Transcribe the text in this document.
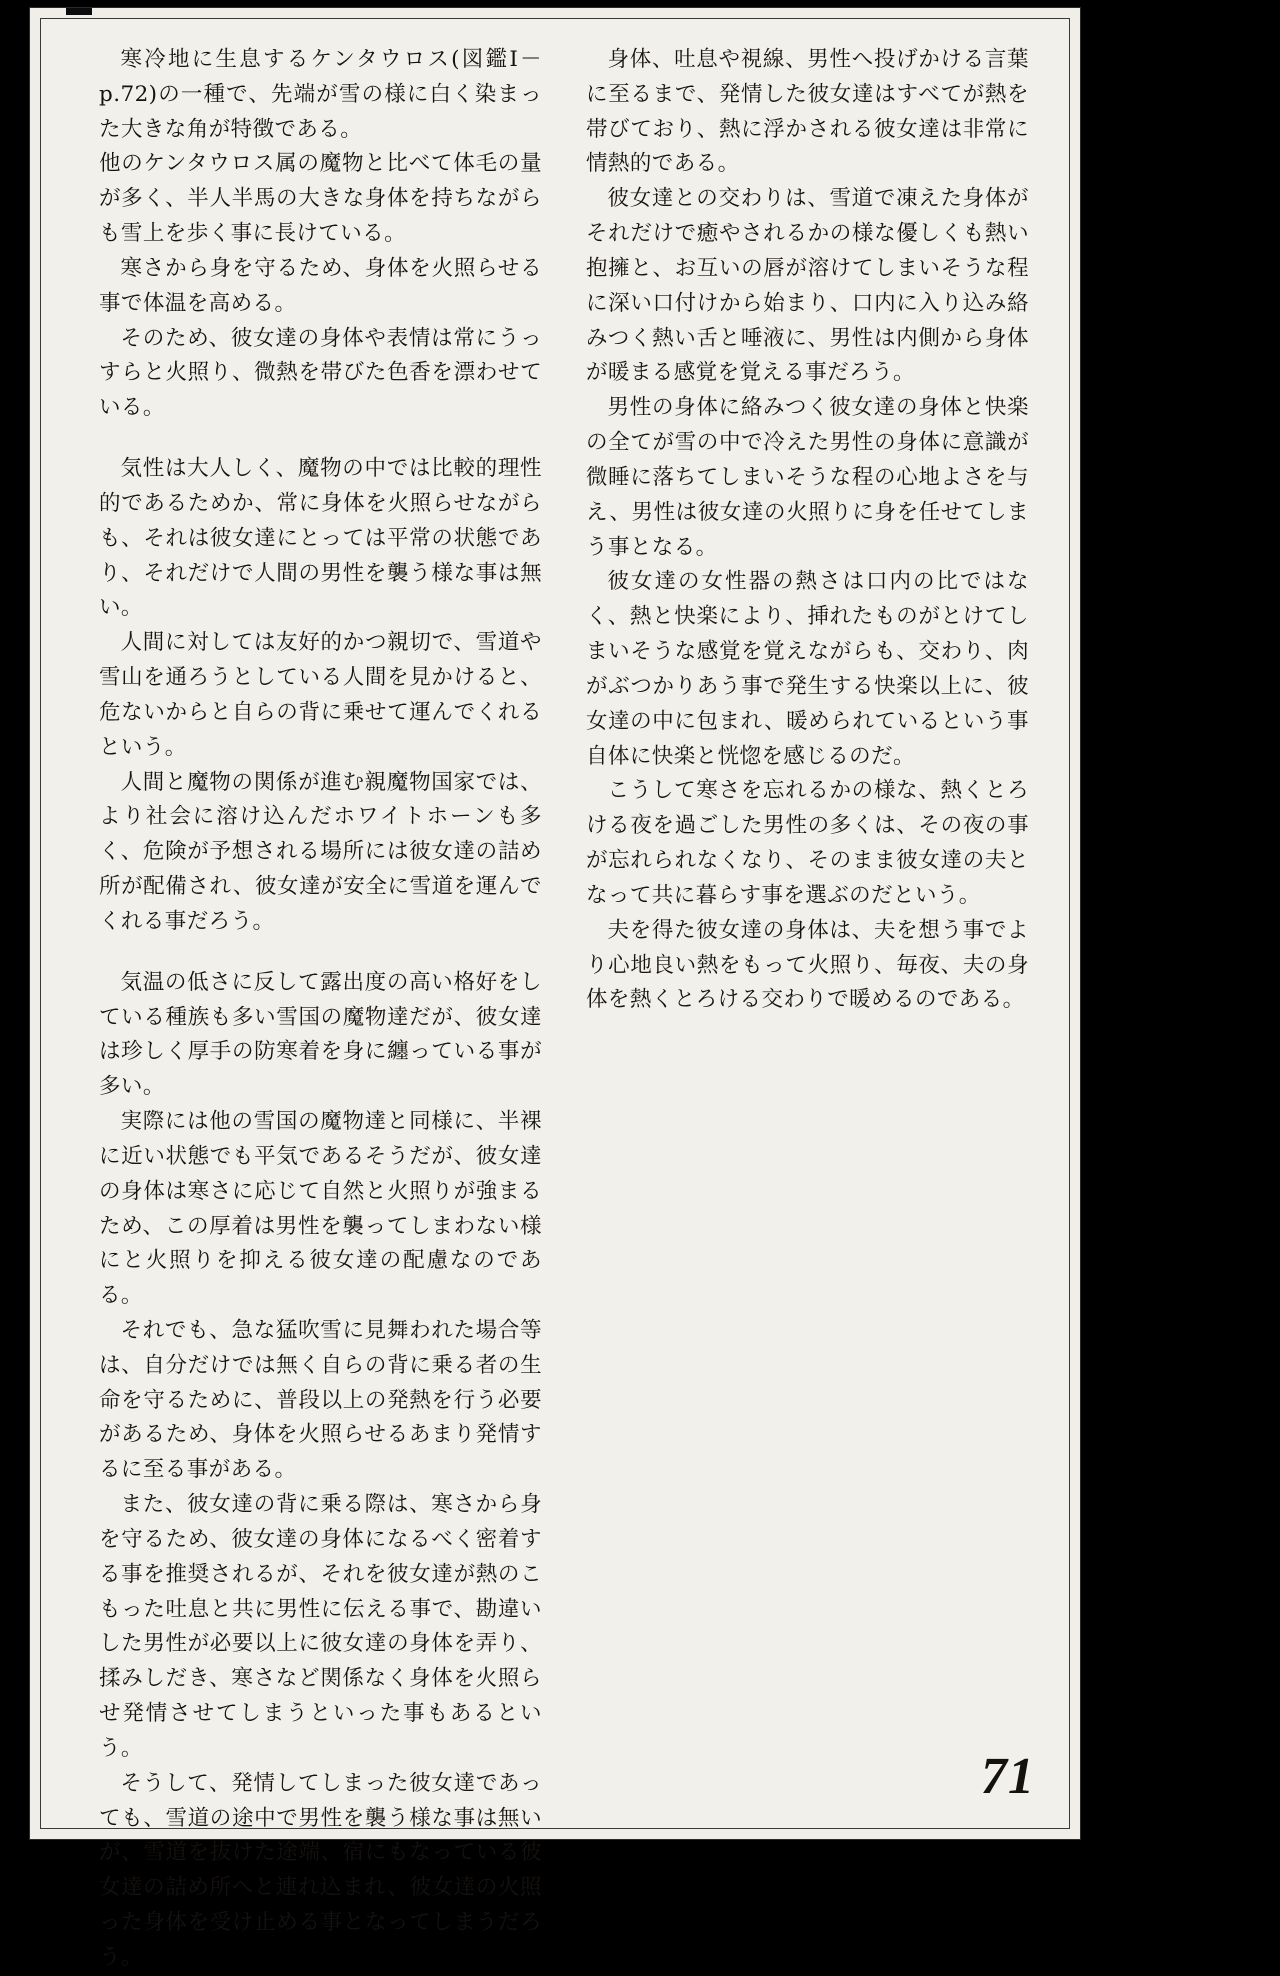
寒冷地に生息するケンタウロス(図鑑Ⅰ－p.72)の一種で、先端が雪の様に白く染まった大きな角が特徴である。

他のケンタウロス属の魔物と比べて体毛の量が多く、半人半馬の大きな身体を持ちながらも雪上を歩く事に長けている。

寒さから身を守るため、身体を火照らせる事で体温を高める。

そのため、彼女達の身体や表情は常にうっすらと火照り、微熱を帯びた色香を漂わせている。

気性は大人しく、魔物の中では比較的理性的であるためか、常に身体を火照らせながらも、それは彼女達にとっては平常の状態であり、それだけで人間の男性を襲う様な事は無い。

人間に対しては友好的かつ親切で、雪道や雪山を通ろうとしている人間を見かけると、危ないからと自らの背に乗せて運んでくれるという。

人間と魔物の関係が進む親魔物国家では、より社会に溶け込んだホワイトホーンも多く、危険が予想される場所には彼女達の詰め所が配備され、彼女達が安全に雪道を運んでくれる事だろう。

気温の低さに反して露出度の高い格好をしている種族も多い雪国の魔物達だが、彼女達は珍しく厚手の防寒着を身に纏っている事が多い。

実際には他の雪国の魔物達と同様に、半裸に近い状態でも平気であるそうだが、彼女達の身体は寒さに応じて自然と火照りが強まるため、この厚着は男性を襲ってしまわない様にと火照りを抑える彼女達の配慮なのである。

それでも、急な猛吹雪に見舞われた場合等は、自分だけでは無く自らの背に乗る者の生命を守るために、普段以上の発熱を行う必要があるため、身体を火照らせるあまり発情するに至る事がある。

また、彼女達の背に乗る際は、寒さから身を守るため、彼女達の身体になるべく密着する事を推奨されるが、それを彼女達が熱のこもった吐息と共に男性に伝える事で、勘違いした男性が必要以上に彼女達の身体を弄り、揉みしだき、寒さなど関係なく身体を火照らせ発情させてしまうといった事もあるという。

そうして、発情してしまった彼女達であっても、雪道の途中で男性を襲う様な事は無いが、雪道を抜けた途端、宿にもなっている彼女達の詰め所へと連れ込まれ、彼女達の火照った身体を受け止める事となってしまうだろう。

身体、吐息や視線、男性へ投げかける言葉に至るまで、発情した彼女達はすべてが熱を帯びており、熱に浮かされる彼女達は非常に情熱的である。

彼女達との交わりは、雪道で凍えた身体がそれだけで癒やされるかの様な優しくも熱い抱擁と、お互いの唇が溶けてしまいそうな程に深い口付けから始まり、口内に入り込み絡みつく熱い舌と唾液に、男性は内側から身体が暖まる感覚を覚える事だろう。

男性の身体に絡みつく彼女達の身体と快楽の全てが雪の中で冷えた男性の身体に意識が微睡に落ちてしまいそうな程の心地よさを与え、男性は彼女達の火照りに身を任せてしまう事となる。

彼女達の女性器の熱さは口内の比ではなく、熱と快楽により、挿れたものがとけてしまいそうな感覚を覚えながらも、交わり、肉がぶつかりあう事で発生する快楽以上に、彼女達の中に包まれ、暖められているという事自体に快楽と恍惚を感じるのだ。

こうして寒さを忘れるかの様な、熱くとろける夜を過ごした男性の多くは、その夜の事が忘れられなくなり、そのまま彼女達の夫となって共に暮らす事を選ぶのだという。

夫を得た彼女達の身体は、夫を想う事でより心地良い熱をもって火照り、毎夜、夫の身体を熱くとろける交わりで暖めるのである。

71
